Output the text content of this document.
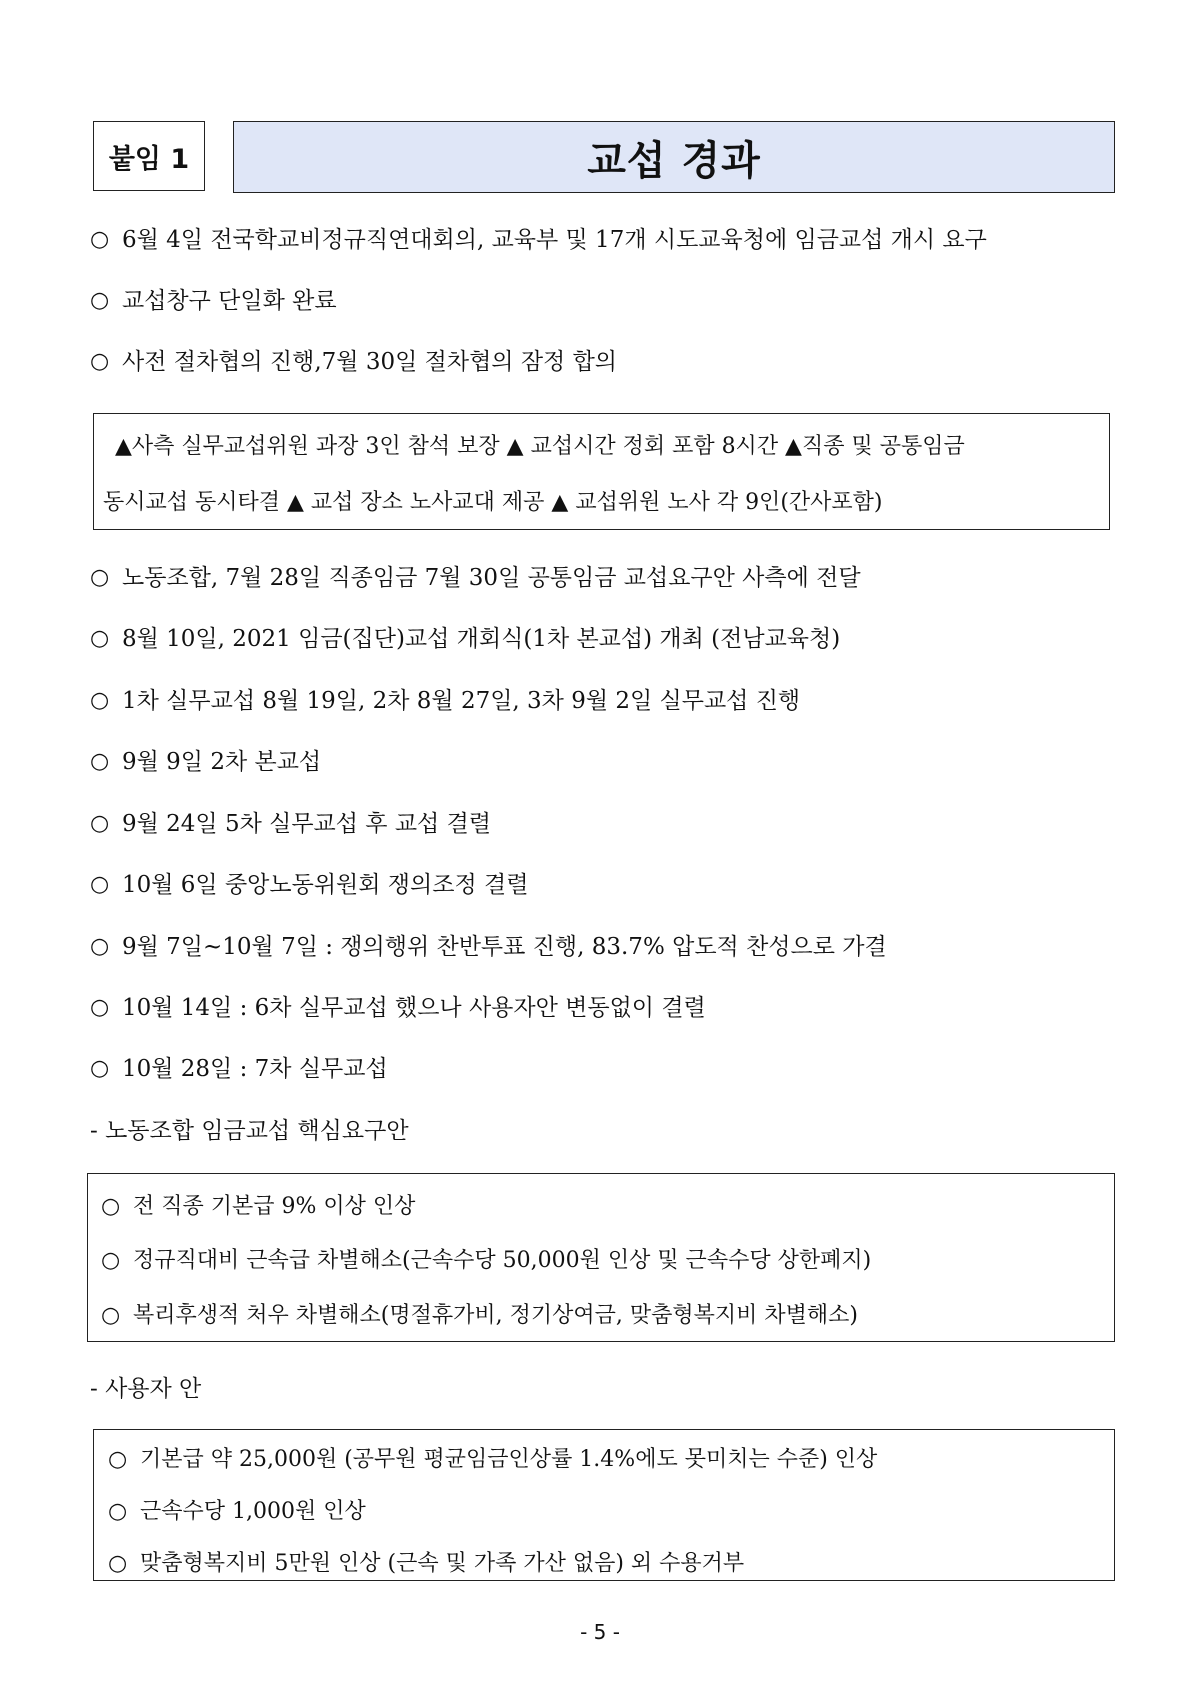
붙임 1	교섭 경과
○ 6월 4일 전국학교비정규직연대회의, 교육부 및 17개 시도교육청에 임금교섭 개시 요구
○ 교섭창구 단일화 완료
○ 사전 절차협의 진행,7월 30일 절차협의 잠정 합의
▲사측 실무교섭위원 과장 3인 참석 보장 ▲ 교섭시간 정회 포함 8시간 ▲직종 및 공통임금
동시교섭 동시타결 ▲ 교섭 장소 노사교대 제공 ▲ 교섭위원 노사 각 9인(간사포함)
○ 노동조합, 7월 28일 직종임금 7월 30일 공통임금 교섭요구안 사측에 전달
○ 8월 10일, 2021 임금(집단)교섭 개회식(1차 본교섭) 개최 (전남교육청)
○ 1차 실무교섭 8월 19일, 2차 8월 27일, 3차 9월 2일 실무교섭 진행
○ 9월 9일 2차 본교섭
○ 9월 24일 5차 실무교섭 후 교섭 결렬
○ 10월 6일 중앙노동위원회 쟁의조정 결렬
○ 9월 7일~10월 7일 : 쟁의행위 찬반투표 진행, 83.7% 압도적 찬성으로 가결
○ 10월 14일 : 6차 실무교섭 했으나 사용자안 변동없이 결렬
○ 10월 28일 : 7차 실무교섭
- 노동조합 임금교섭 핵심요구안
○ 전 직종 기본급 9% 이상 인상
○ 정규직대비 근속급 차별해소(근속수당 50,000원 인상 및 근속수당 상한폐지)
○ 복리후생적 처우 차별해소(명절휴가비, 정기상여금, 맞춤형복지비 차별해소)
- 사용자 안
○ 기본급 약 25,000원 (공무원 평균임금인상률 1.4%에도 못미치는 수준) 인상
○ 근속수당 1,000원 인상
○ 맞춤형복지비 5만원 인상 (근속 및 가족 가산 없음) 외 수용거부
- 5 -
